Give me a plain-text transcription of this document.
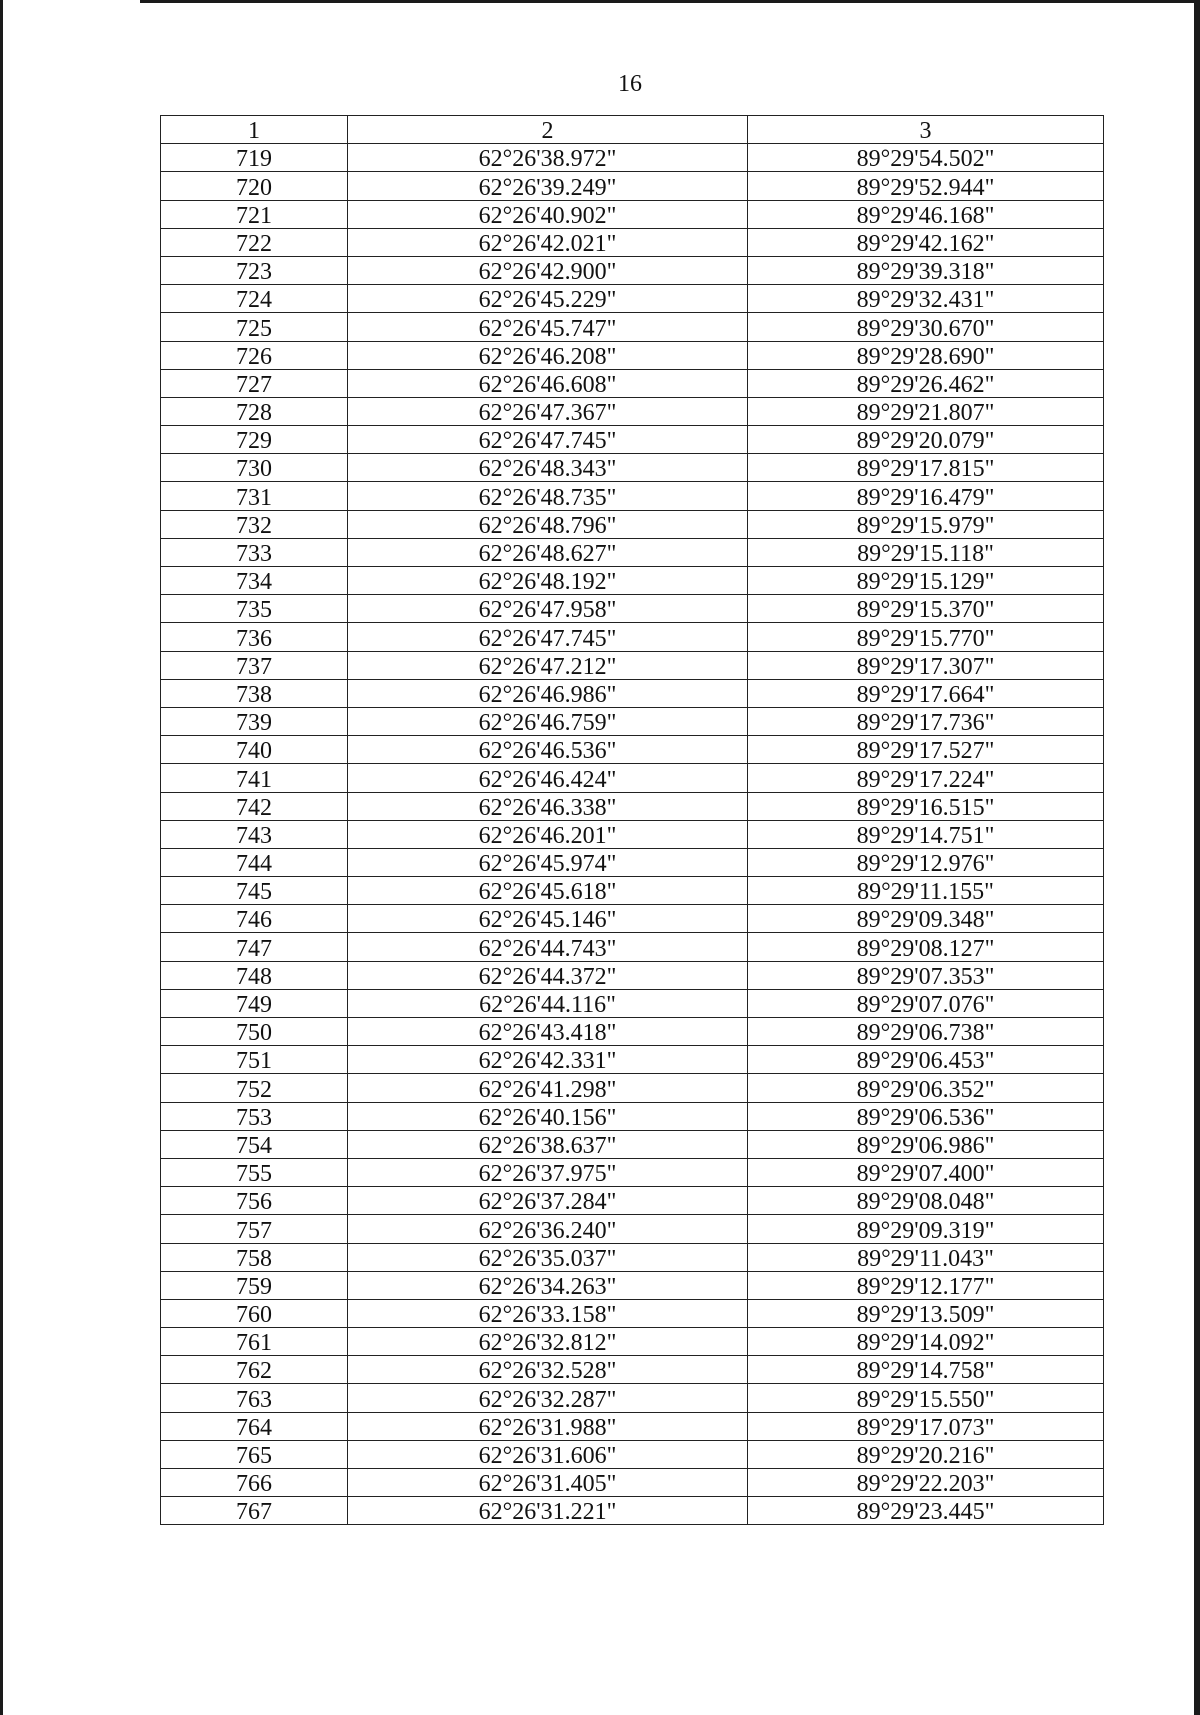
16
1	2	3
719	62°26'38.972"	89°29'54.502"
720	62°26'39.249"	89°29'52.944"
721	62°26'40.902"	89°29'46.168"
722	62°26'42.021"	89°29'42.162"
723	62°26'42.900"	89°29'39.318"
724	62°26'45.229"	89°29'32.431"
725	62°26'45.747"	89°29'30.670"
726	62°26'46.208"	89°29'28.690"
727	62°26'46.608"	89°29'26.462"
728	62°26'47.367"	89°29'21.807"
729	62°26'47.745"	89°29'20.079"
730	62°26'48.343"	89°29'17.815"
731	62°26'48.735"	89°29'16.479"
732	62°26'48.796"	89°29'15.979"
733	62°26'48.627"	89°29'15.118"
734	62°26'48.192"	89°29'15.129"
735	62°26'47.958"	89°29'15.370"
736	62°26'47.745"	89°29'15.770"
737	62°26'47.212"	89°29'17.307"
738	62°26'46.986"	89°29'17.664"
739	62°26'46.759"	89°29'17.736"
740	62°26'46.536"	89°29'17.527"
741	62°26'46.424"	89°29'17.224"
742	62°26'46.338"	89°29'16.515"
743	62°26'46.201"	89°29'14.751"
744	62°26'45.974"	89°29'12.976"
745	62°26'45.618"	89°29'11.155"
746	62°26'45.146"	89°29'09.348"
747	62°26'44.743"	89°29'08.127"
748	62°26'44.372"	89°29'07.353"
749	62°26'44.116"	89°29'07.076"
750	62°26'43.418"	89°29'06.738"
751	62°26'42.331"	89°29'06.453"
752	62°26'41.298"	89°29'06.352"
753	62°26'40.156"	89°29'06.536"
754	62°26'38.637"	89°29'06.986"
755	62°26'37.975"	89°29'07.400"
756	62°26'37.284"	89°29'08.048"
757	62°26'36.240"	89°29'09.319"
758	62°26'35.037"	89°29'11.043"
759	62°26'34.263"	89°29'12.177"
760	62°26'33.158"	89°29'13.509"
761	62°26'32.812"	89°29'14.092"
762	62°26'32.528"	89°29'14.758"
763	62°26'32.287"	89°29'15.550"
764	62°26'31.988"	89°29'17.073"
765	62°26'31.606"	89°29'20.216"
766	62°26'31.405"	89°29'22.203"
767	62°26'31.221"	89°29'23.445"
